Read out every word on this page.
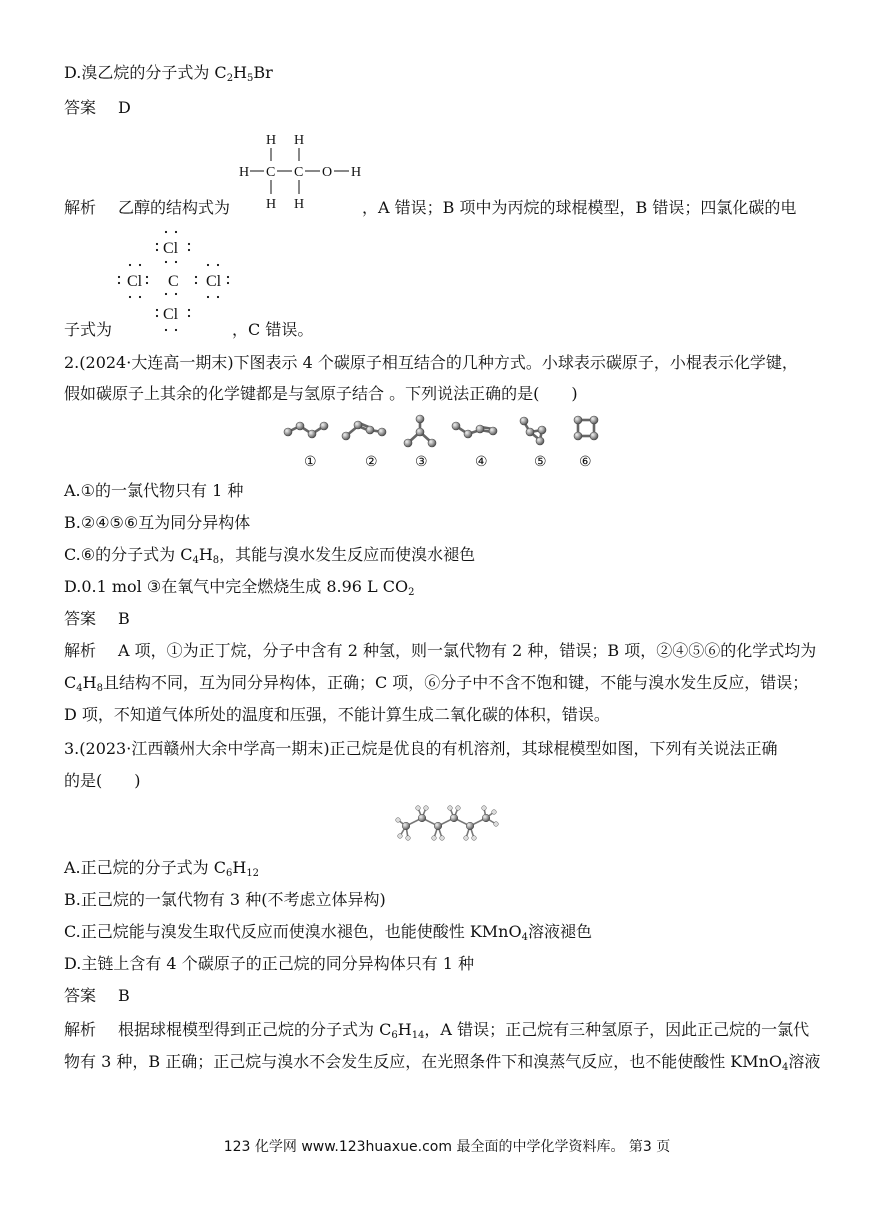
D.溴乙烷的分子式为 $C_2H_5Br$
答案 D
H H
H C C O H
H H
解析 乙醇的结构式为	，A 错误；B 项中为丙烷的球棍模型，B 错误；四氯化碳的电
Cl
Cl C Cl
Cl
子式为	，C 错误。
2.(2024·大连高一期末)下图表示 4 个碳原子相互结合的几种方式。小球表示碳原子，小棍表示化学键，
假如碳原子上其余的化学键都是与氢原子结合 。下列说法正确的是(　　)
①	②	③	④	⑤ ⑥
A.①的一氯代物只有 1 种
B.②④⑤⑥互为同分异构体
C.⑥的分子式为 $C_4H_8$，其能与溴水发生反应而使溴水褪色
D.0.1 mol ③在氧气中完全燃烧生成 8.96 L $CO_2$
答案 B
解析 A 项，①为正丁烷，分子中含有 2 种氢，则一氯代物有 2 种，错误；B 项，②④⑤⑥的化学式均为
$C_4H_8$且结构不同，互为同分异构体，正确；C 项，⑥分子中不含不饱和键，不能与溴水发生反应，错误；
D 项，不知道气体所处的温度和压强，不能计算生成二氧化碳的体积，错误。
3.(2023·江西赣州大余中学高一期末)正己烷是优良的有机溶剂，其球棍模型如图，下列有关说法正确
的是(　　)
A.正己烷的分子式为 $C_6H_{12}$
B.正己烷的一氯代物有 3 种(不考虑立体异构)
C.正己烷能与溴发生取代反应而使溴水褪色，也能使酸性 KMnO$_4$溶液褪色
D.主链上含有 4 个碳原子的正己烷的同分异构体只有 1 种
答案 B
解析 根据球棍模型得到正己烷的分子式为 $C_6H_{14}$，A 错误；正己烷有三种氢原子，因此正己烷的一氯代
物有 3 种，B 正确；正己烷与溴水不会发生反应，在光照条件下和溴蒸气反应，也不能使酸性 KMnO$_4$溶液
123 化学网 www.123huaxue.com 最全面的中学化学资料库。 第3 页
